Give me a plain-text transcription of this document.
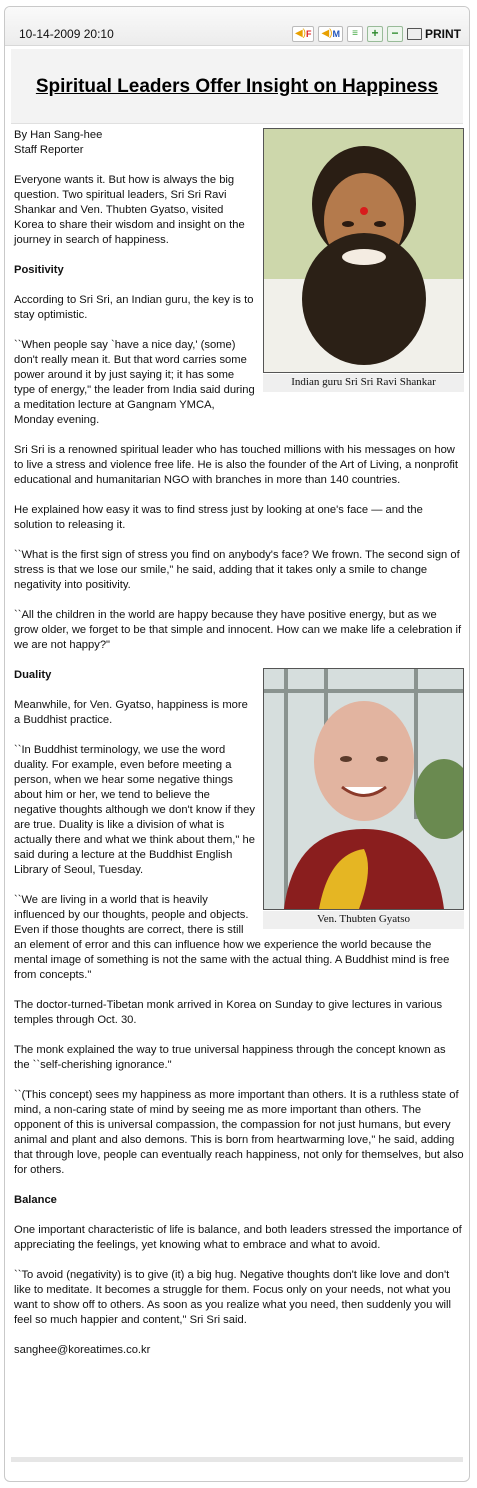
10-14-2009 20:10	◀) F ◀) M	≡	+	−	PRINT
Spiritual Leaders Offer Insight on Happiness
Indian guru Sri Sri Ravi Shankar

By Han Sang-hee
Staff Reporter

Everyone wants it. But how is always the big question. Two spiritual leaders, Sri Sri Ravi Shankar and Ven. Thubten Gyatso, visited Korea to share their wisdom and insight on the journey in search of happiness.

Positivity

According to Sri Sri, an Indian guru, the key is to stay optimistic.

``When people say `have a nice day,' (some) don't really mean it. But that word carries some power around it by just saying it; it has some type of energy," the leader from India said during a meditation lecture at Gangnam YMCA, Monday evening.

Sri Sri is a renowned spiritual leader who has touched millions with his messages on how to live a stress and violence free life. He is also the founder of the Art of Living, a nonprofit educational and humanitarian NGO with branches in more than 140 countries.

He explained how easy it was to find stress just by looking at one's face — and the solution to releasing it.

``What is the first sign of stress you find on anybody's face? We frown. The second sign of stress is that we lose our smile," he said, adding that it takes only a smile to change negativity into positivity.

``All the children in the world are happy because they have positive energy, but as we grow older, we forget to be that simple and innocent. How can we make life a celebration if we are not happy?"

Ven. Thubten Gyatso
Duality

Meanwhile, for Ven. Gyatso, happiness is more a Buddhist practice.

``In Buddhist terminology, we use the word duality. For example, even before meeting a person, when we hear some negative things about him or her, we tend to believe the negative thoughts although we don't know if they are true. Duality is like a division of what is actually there and what we think about them," he said during a lecture at the Buddhist English Library of Seoul, Tuesday.

``We are living in a world that is heavily influenced by our thoughts, people and objects. Even if those thoughts are correct, there is still an element of error and this can influence how we experience the world because the mental image of something is not the same with the actual thing. A Buddhist mind is free from concepts."

The doctor-turned-Tibetan monk arrived in Korea on Sunday to give lectures in various temples through Oct. 30.

The monk explained the way to true universal happiness through the concept known as the ``self-cherishing ignorance."

``(This concept) sees my happiness as more important than others. It is a ruthless state of mind, a non-caring state of mind by seeing me as more important than others. The opponent of this is universal compassion, the compassion for not just humans, but every animal and plant and also demons. This is born from heartwarming love," he said, adding that through love, people can eventually reach happiness, not only for themselves, but also for others.

Balance

One important characteristic of life is balance, and both leaders stressed the importance of appreciating the feelings, yet knowing what to embrace and what to avoid.

``To avoid (negativity) is to give (it) a big hug. Negative thoughts don't like love and don't like to meditate. It becomes a struggle for them. Focus only on your needs, not what you want to show off to others. As soon as you realize what you need, then suddenly you will feel so much happier and content," Sri Sri said.

sanghee@koreatimes.co.kr
